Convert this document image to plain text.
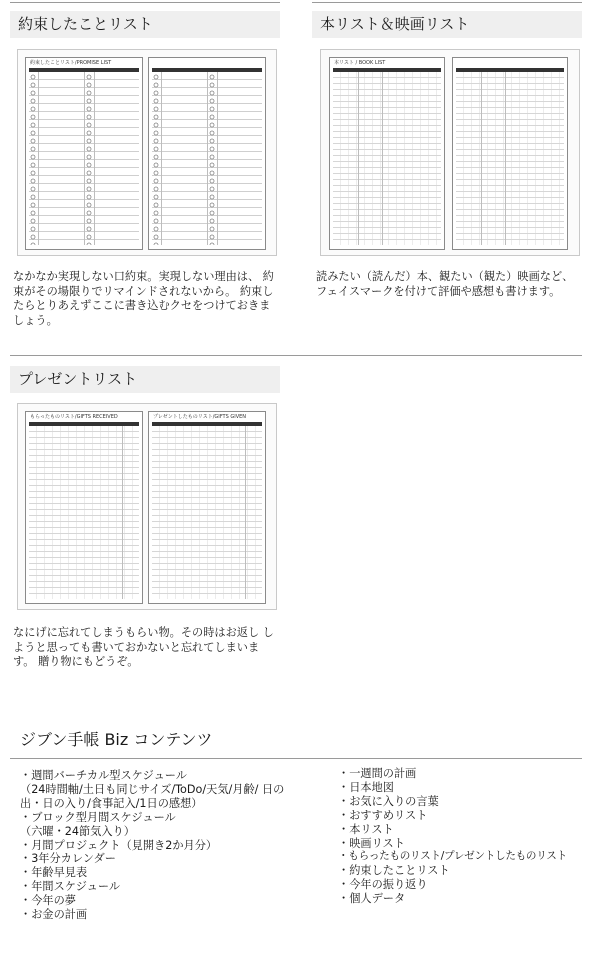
約束したことリスト
約束したことリスト/PROMISE LIST

なかなか実現しない口約束。実現しない理由は、 約束がその場限りでリマインドされないから。 約束したらとりあえずここに書き込むクセをつけておきましょう。

本リスト＆映画リスト
本リスト / BOOK LIST

読みたい（読んだ）本、観たい（観た）映画など、 フェイスマークを付けて評価や感想も書けます。

プレゼントリスト
もらったものリスト/GIFTS RECEIVED	プレゼントしたものリスト/GIFTS GIVEN

なにげに忘れてしまうもらい物。その時はお返し しようと思っても書いておかないと忘れてしまいます。 贈り物にもどうぞ。

ジブン手帳 Biz コンテンツ
・週間バーチカル型スケジュール
（24時間軸/土日も同じサイズ/ToDo/天気/月齢/ 日の出・日の入り/食事記入/1日の感想）
・ブロック型月間スケジュール
（六曜・24節気入り）
・月間プロジェクト（見開き2か月分）
・3年分カレンダー
・年齢早見表
・年間スケジュール
・今年の夢
・お金の計画
・一週間の計画
・日本地図
・お気に入りの言葉
・おすすめリスト
・本リスト
・映画リスト
・もらったものリスト/プレゼントしたものリスト
・約束したことリスト
・今年の振り返り
・個人データ
